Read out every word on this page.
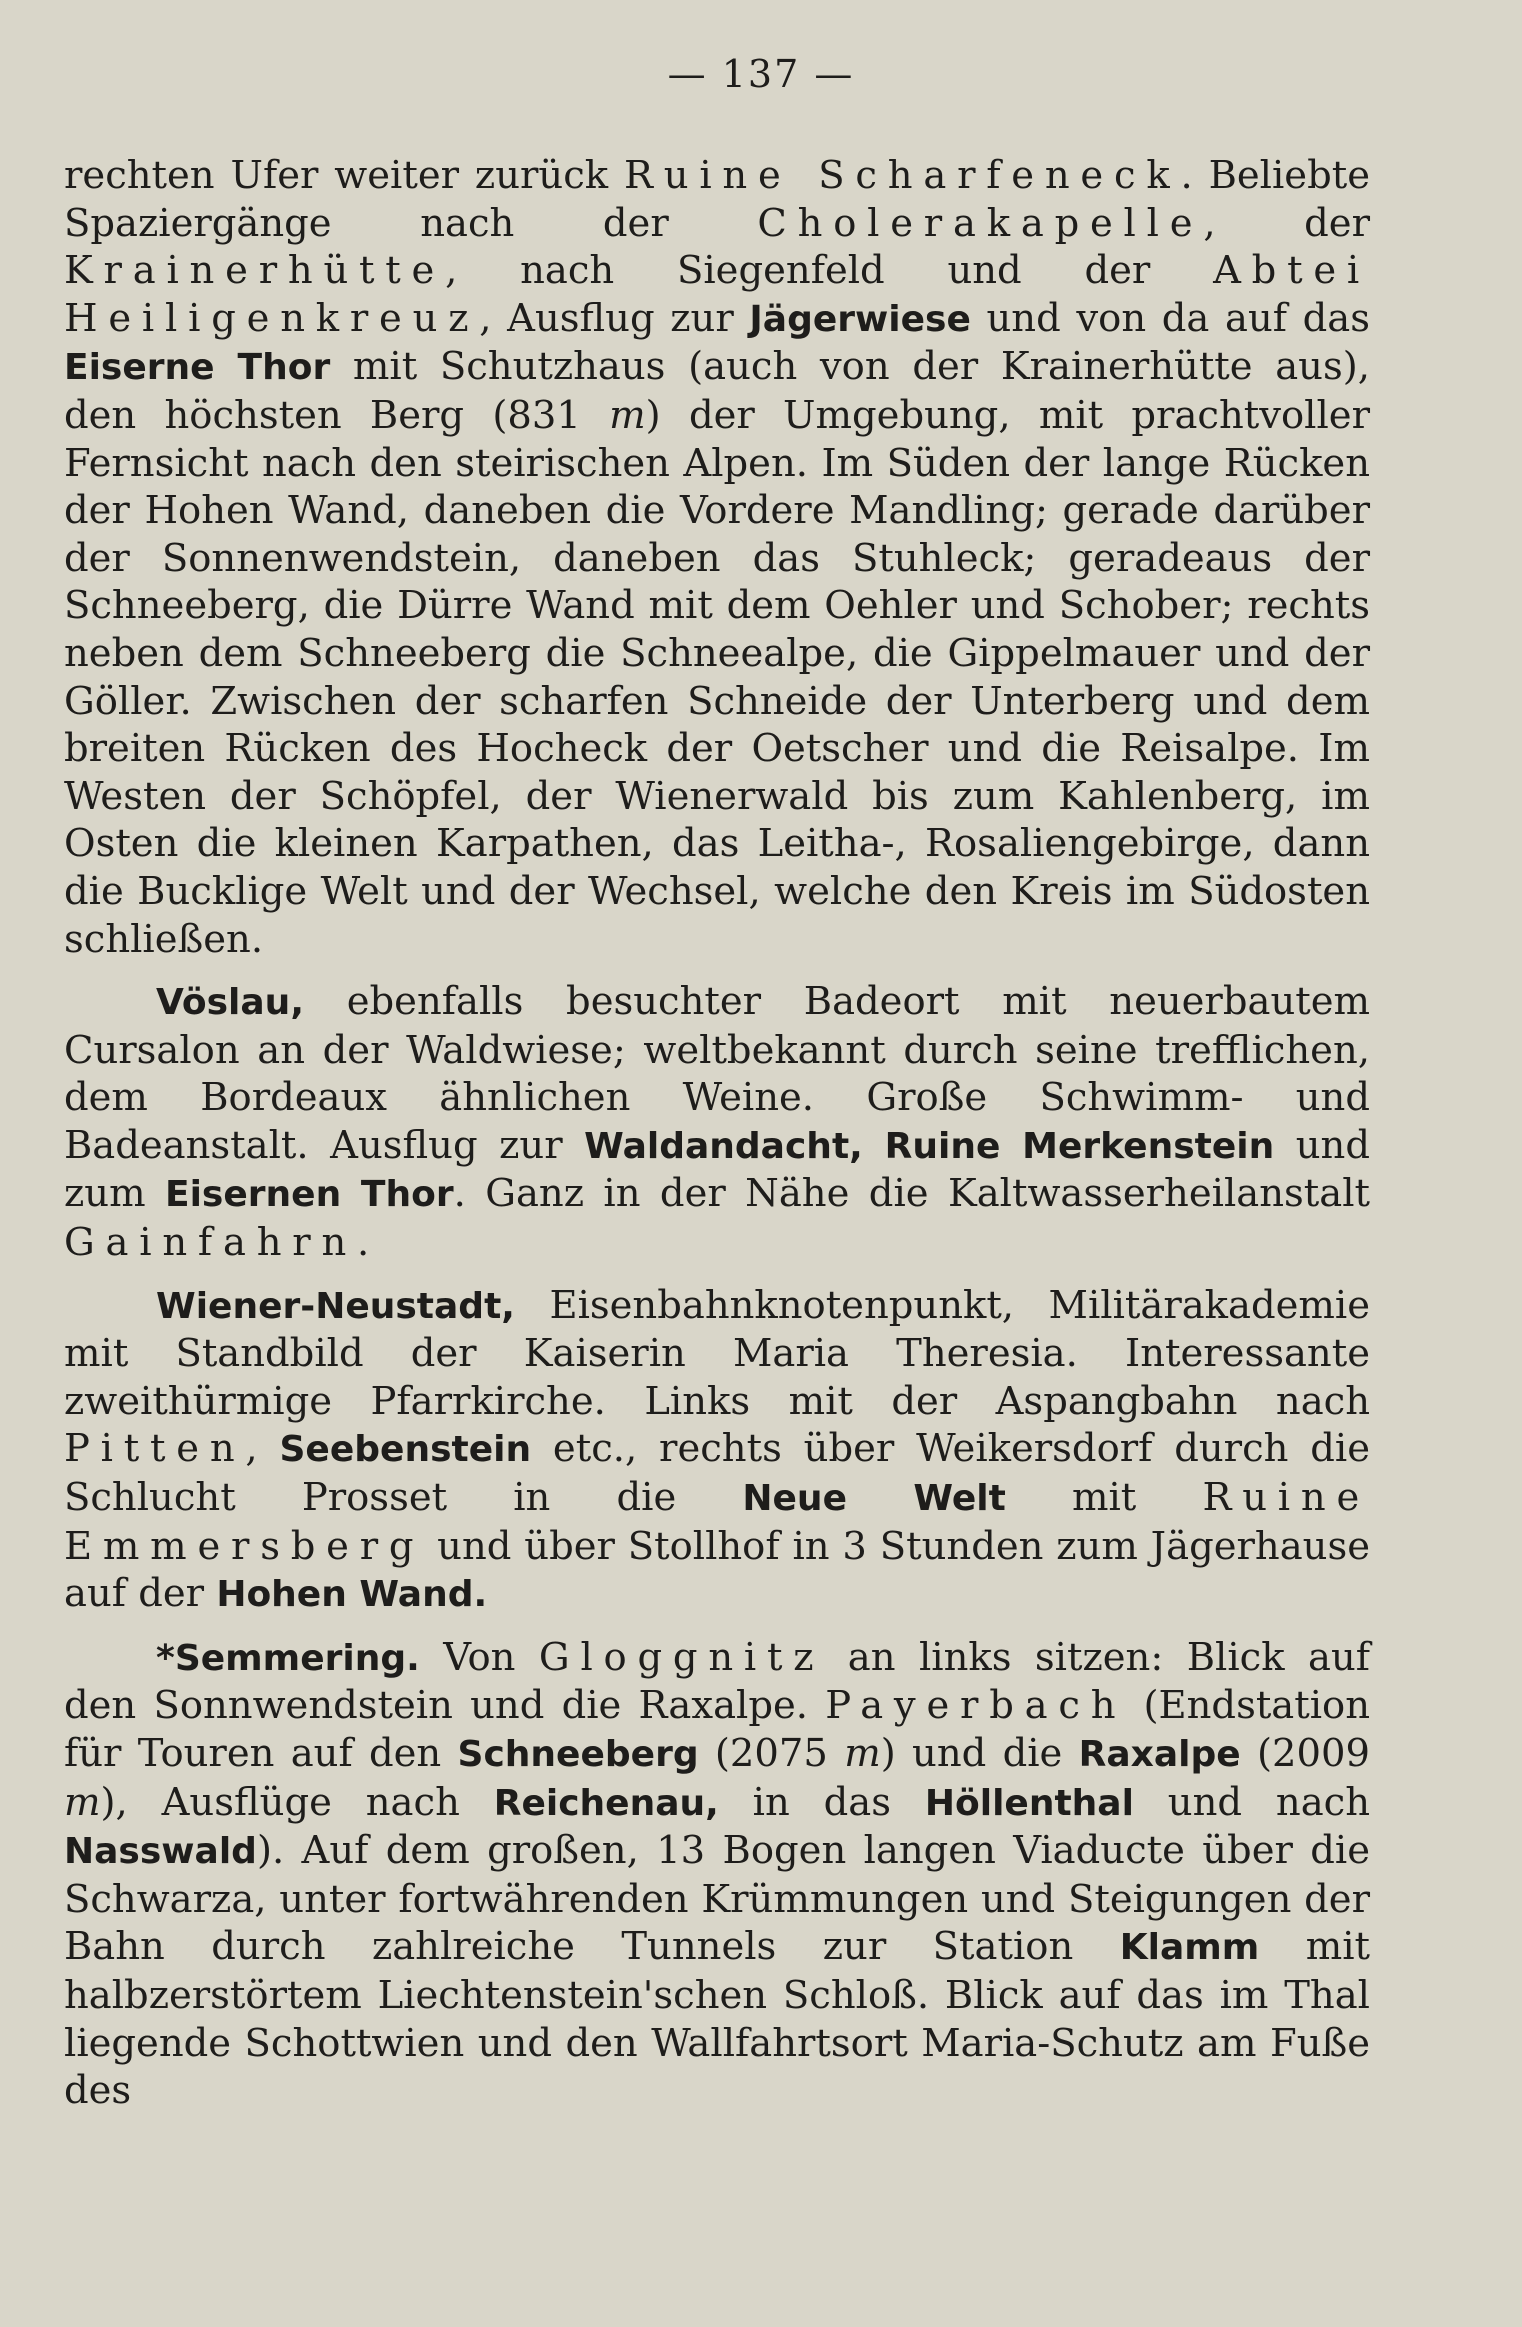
— 137 —

rechten Ufer weiter zurück Ruine Scharfeneck. Beliebte Spaziergänge nach der Cholerakapelle, der Krainerhütte, nach Siegenfeld und der Abtei Heiligenkreuz, Ausflug zur Jägerwiese und von da auf das Eiserne Thor mit Schutzhaus (auch von der Krainerhütte aus), den höchsten Berg (831 m) der Umgebung, mit prachtvoller Fernsicht nach den steirischen Alpen. Im Süden der lange Rücken der Hohen Wand, daneben die Vordere Mandling; gerade darüber der Sonnenwendstein, daneben das Stuhleck; geradeaus der Schneeberg, die Dürre Wand mit dem Oehler und Schober; rechts neben dem Schneeberg die Schneealpe, die Gippelmauer und der Göller. Zwischen der scharfen Schneide der Unterberg und dem breiten Rücken des Hocheck der Oetscher und die Reisalpe. Im Westen der Schöpfel, der Wienerwald bis zum Kahlenberg, im Osten die kleinen Karpathen, das Leitha-, Rosaliengebirge, dann die Bucklige Welt und der Wechsel, welche den Kreis im Südosten schließen.

Vöslau, ebenfalls besuchter Badeort mit neuerbautem Cursalon an der Waldwiese; weltbekannt durch seine trefflichen, dem Bordeaux ähnlichen Weine. Große Schwimm- und Badeanstalt. Ausflug zur Waldandacht, Ruine Merkenstein und zum Eisernen Thor. Ganz in der Nähe die Kaltwasserheilanstalt Gainfahrn.

Wiener-Neustadt, Eisenbahnknotenpunkt, Militärakademie mit Standbild der Kaiserin Maria Theresia. Interessante zweithürmige Pfarrkirche. Links mit der Aspangbahn nach Pitten, Seebenstein etc., rechts über Weikersdorf durch die Schlucht Prosset in die Neue Welt mit Ruine Emmersberg und über Stollhof in 3 Stunden zum Jägerhause auf der Hohen Wand.

*Semmering. Von Gloggnitz an links sitzen: Blick auf den Sonnwendstein und die Raxalpe. Payerbach (Endstation für Touren auf den Schneeberg (2075 m) und die Raxalpe (2009 m), Ausflüge nach Reichenau, in das Höllenthal und nach Nasswald). Auf dem großen, 13 Bogen langen Viaducte über die Schwarza, unter fortwährenden Krümmungen und Steigungen der Bahn durch zahlreiche Tunnels zur Station Klamm mit halbzerstörtem Liechtenstein'schen Schloß. Blick auf das im Thal liegende Schottwien und den Wallfahrtsort Maria-Schutz am Fuße des
